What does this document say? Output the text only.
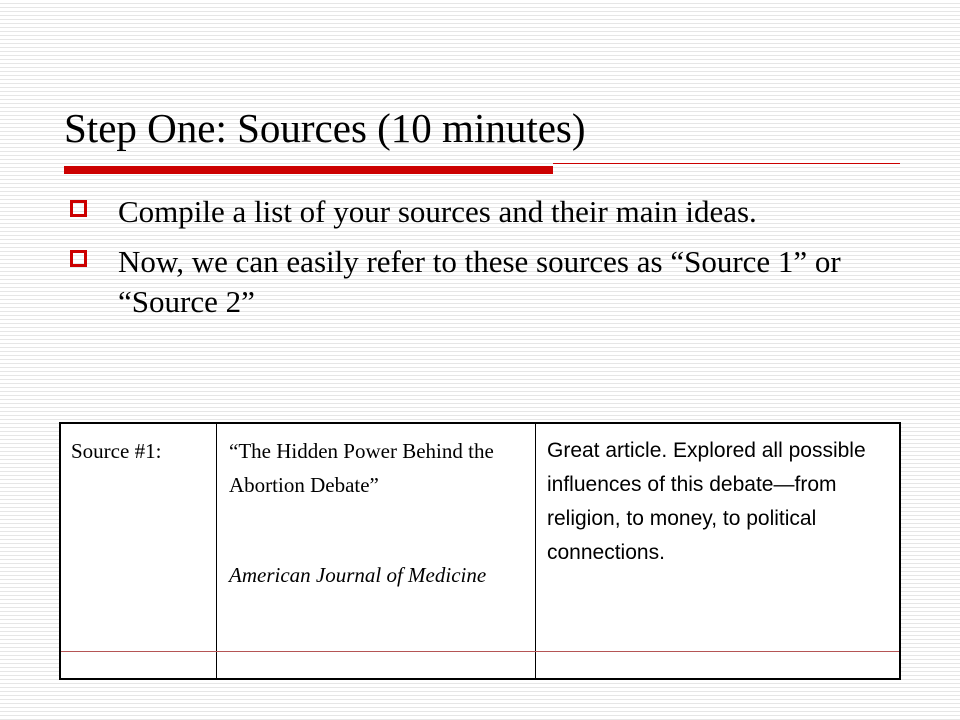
Step One: Sources (10 minutes)
Compile a list of your sources and their main ideas.
Now, we can easily refer to these sources as “Source 1” or “Source 2”
Source #1:	“The Hidden Power Behind the Abortion Debate”
American Journal of Medicine
Great article. Explored all possible influences of this debate—from religion, to money, to political connections.
